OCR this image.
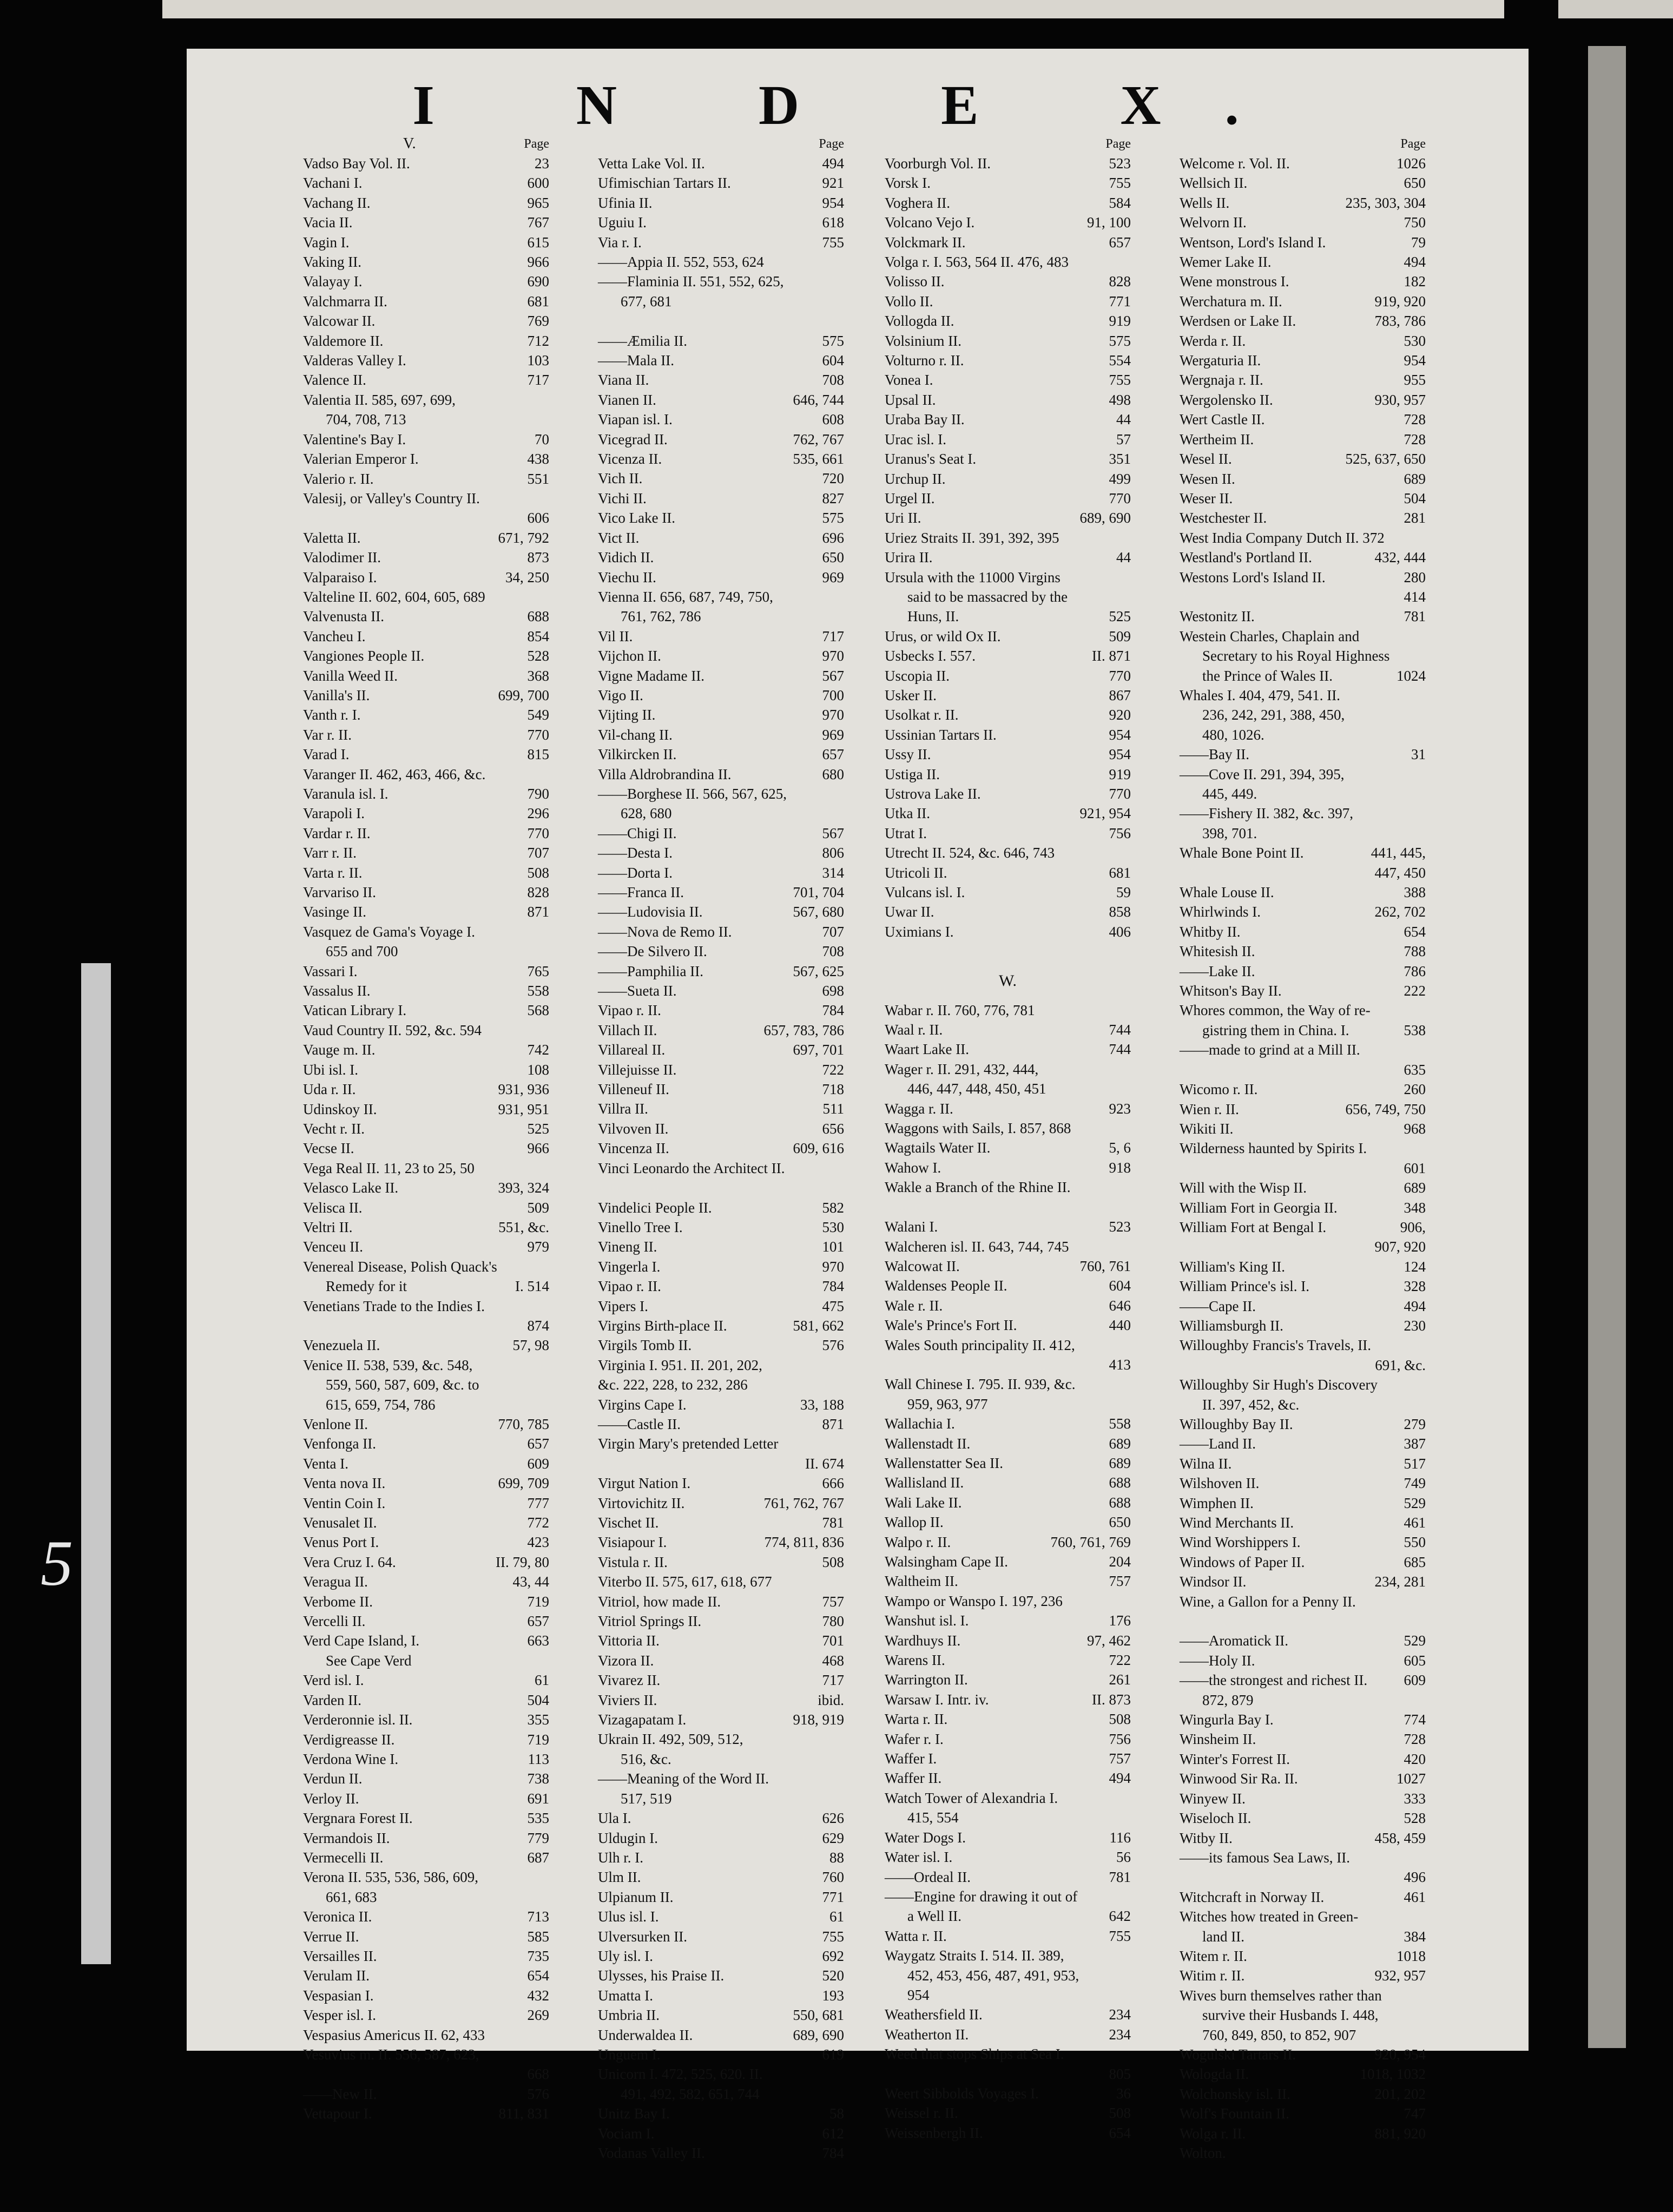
5
I N D E X.
V.	Page
Vadso Bay Vol. II.	23
Vachani I.	600
Vachang II.	965
Vacia II.	767
Vagin I.	615
Vaking II.	966
Valayay I.	690
Valchmarra II.	681
Valcowar II.	769
Valdemore II.	712
Valderas Valley I.	103
Valence II.	717
Valentia II. 585, 697, 699,
704, 708, 713
Valentine's Bay I.	70
Valerian Emperor I.	438
Valerio r. II.	551
Valesij, or Valley's Country II.
606
Valetta II.	671, 792
Valodimer II.	873
Valparaiso I.	34, 250
Valteline II. 602, 604, 605, 689
Valvenusta II.	688
Vancheu I.	854
Vangiones People II.	528
Vanilla Weed II.	368
Vanilla's II.	699, 700
Vanth r. I.	549
Var r. II.	770
Varad I.	815
Varanger II. 462, 463, 466, &c.
Varanula isl. I.	790
Varapoli I.	296
Vardar r. II.	770
Varr r. II.	707
Varta r. II.	508
Varvariso II.	828
Vasinge II.	871
Vasquez de Gama's Voyage I.
655 and 700
Vassari I.	765
Vassalus II.	558
Vatican Library I.	568
Vaud Country II. 592, &c. 594
Vauge m. II.	742
Ubi isl. I.	108
Uda r. II.	931, 936
Udinskoy II.	931, 951
Vecht r. II.	525
Vecse II.	966
Vega Real II. 11, 23 to 25, 50
Velasco Lake II.	393, 324
Velisca II.	509
Veltri II.	551, &c.
Venceu II.	979
Venereal Disease, Polish Quack's
Remedy for it	I. 514
Venetians Trade to the Indies I.
874
Venezuela II.	57, 98
Venice II. 538, 539, &c. 548,
559, 560, 587, 609, &c. to
615, 659, 754, 786
Venlone II.	770, 785
Venfonga II.	657
Venta I.	609
Venta nova II.	699, 709
Ventin Coin I.	777
Venusalet II.	772
Venus Port I.	423
Vera Cruz I. 64.	II. 79, 80
Veragua II.	43, 44
Verbome II.	719
Vercelli II.	657
Verd Cape Island, I.	663
See Cape Verd
Verd isl. I.	61
Varden II.	504
Verderonnie isl. II.	355
Verdigreasse II.	719
Verdona Wine I.	113
Verdun II.	738
Verloy II.	691
Vergnara Forest II.	535
Vermandois II.	779
Vermecelli II.	687
Verona II. 535, 536, 586, 609,
661, 683
Veronica II.	713
Verrue II.	585
Versailles II.	735
Verulam II.	654
Vespasian I.	432
Vesper isl. I.	269
Vespasius Americus II. 62, 433
Vesuvius m. II. 556, 587, 623,
668
——New II.	576
Vettapour I.	811, 831
Page
Vetta Lake Vol. II.	494
Ufimischian Tartars II.	921
Ufinia II.	954
Uguiu I.	618
Via r. I.	755
——Appia II. 552, 553, 624
——Flaminia II. 551, 552, 625,
677, 681
——Æmilia II.	575
——Mala II.	604
Viana II.	708
Vianen II.	646, 744
Viapan isl. I.	608
Vicegrad II.	762, 767
Vicenza II.	535, 661
Vich II.	720
Vichi II.	827
Vico Lake II.	575
Vict II.	696
Vidich II.	650
Viechu II.	969
Vienna II. 656, 687, 749, 750,
761, 762, 786
Vil II.	717
Vijchon II.	970
Vigne Madame II.	567
Vigo II.	700
Vijting II.	970
Vil-chang II.	969
Vilkircken II.	657
Villa Aldrobrandina II.	680
——Borghese II. 566, 567, 625,
628, 680
——Chigi II.	567
——Desta I.	806
——Dorta I.	314
——Franca II.	701, 704
——Ludovisia II.	567, 680
——Nova de Remo II.	707
——De Silvero II.	708
——Pamphilia II.	567, 625
——Sueta II.	698
Vipao r. II.	784
Villach II.	657, 783, 786
Villareal II.	697, 701
Villejuisse II.	722
Villeneuf II.	718
Villra II.	511
Vilvoven II.	656
Vincenza II.	609, 616
Vinci Leonardo the Architect II.
Vindelici People II.	582
Vinello Tree I.	530
Vineng II.	101
Vingerla I.	970
Vipao r. II.	784
Vipers I.	475
Virgins Birth-place II.	581, 662
Virgils Tomb II.	576
Virginia I. 951. II. 201, 202,
&c. 222, 228, to 232, 286
Virgins Cape I.	33, 188
——Castle II.	871
Virgin Mary's pretended Letter
II. 674
Virgut Nation I.	666
Virtovichitz II.	761, 762, 767
Vischet II.	781
Visiapour I.	774, 811, 836
Vistula r. II.	508
Viterbo II. 575, 617, 618, 677
Vitriol, how made II.	757
Vitriol Springs II.	780
Vittoria II.	701
Vizora II.	468
Vivarez II.	717
Viviers II.	ibid.
Vizagapatam I.	918, 919
Ukrain II. 492, 509, 512,
516, &c.
——Meaning of the Word II.
517, 519
Ula I.	626
Uldugin I.	629
Ulh r. I.	88
Ulm II.	760
Ulpianum II.	771
Ulus isl. I.	61
Ulversurken II.	755
Uly isl. I.	692
Ulysses, his Praise II.	520
Umatta I.	193
Umbria II.	550, 681
Underwaldea II.	689, 690
Unguem I.	619
Unicorn I. 472, 525, 620. II.
491, 492, 582, 651, 744
Unitz Bay I.	58
Vociam I.	612
Vodanas Valley II.	784
Page
Voorburgh Vol. II.	523
Vorsk I.	755
Voghera II.	584
Volcano Vejo I.	91, 100
Volckmark II.	657
Volga r. I. 563, 564 II. 476, 483
Volisso II.	828
Vollo II.	771
Vollogda II.	919
Volsinium II.	575
Volturno r. II.	554
Vonea I.	755
Upsal II.	498
Uraba Bay II.	44
Urac isl. I.	57
Uranus's Seat I.	351
Urchup II.	499
Urgel II.	770
Uri II.	689, 690
Uriez Straits II. 391, 392, 395
Urira II.	44
Ursula with the 11000 Virgins
said to be massacred by the
Huns, II.	525
Urus, or wild Ox II.	509
Usbecks I. 557.	II. 871
Uscopia II.	770
Usker II.	867
Usolkat r. II.	920
Ussinian Tartars II.	954
Ussy II.	954
Ustiga II.	919
Ustrova Lake II.	770
Utka II.	921, 954
Utrat I.	756
Utrecht II. 524, &c. 646, 743
Utricoli II.	681
Vulcans isl. I.	59
Uwar II.	858
Uximians I.	406
W.
Wabar r. II. 760, 776, 781
Waal r. II.	744
Waart Lake II.	744
Wager r. II. 291, 432, 444,
446, 447, 448, 450, 451
Wagga r. II.	923
Waggons with Sails, I. 857, 868
Wagtails Water II.	5, 6
Wahow I.	918
Wakle a Branch of the Rhine II.
Walani I.	523
Walcheren isl. II. 643, 744, 745
Walcowat II.	760, 761
Waldenses People II.	604
Wale r. II.	646
Wale's Prince's Fort II.	440
Wales South principality II. 412,
413
Wall Chinese I. 795. II. 939, &c.
959, 963, 977
Wallachia I.	558
Wallenstadt II.	689
Wallenstatter Sea II.	689
Wallisland II.	688
Wali Lake II.	688
Wallop II.	650
Walpo r. II.	760, 761, 769
Walsingham Cape II.	204
Waltheim II.	757
Wampo or Wanspo I. 197, 236
Wanshut isl. I.	176
Wardhuys II.	97, 462
Warens II.	722
Warrington II.	261
Warsaw I. Intr. iv.	II. 873
Warta r. II.	508
Wafer r. I.	756
Waffer I.	757
Waffer II.	494
Watch Tower of Alexandria I.
415, 554
Water Dogs I.	116
Water isl. I.	56
——Ordeal II.	781
——Engine for drawing it out of
a Well II.	642
Watta r. II.	755
Waygatz Straits I. 514. II. 389,
452, 453, 456, 487, 491, 953,
954
Weathersfield II.	234
Weatherton II.	234
Weed that stops Ships at Sea I.
805
Weert Sibbolds Voyages I.	36
Weissel r. II.	508
Weissenbergh II.	654
Page
Welcome r. Vol. II.	1026
Wellsich II.	650
Wells II.	235, 303, 304
Welvorn II.	750
Wentson, Lord's Island I.	79
Wemer Lake II.	494
Wene monstrous I.	182
Werchatura m. II.	919, 920
Werdsen or Lake II.	783, 786
Werda r. II.	530
Wergaturia II.	954
Wergnaja r. II.	955
Wergolensko II.	930, 957
Wert Castle II.	728
Wertheim II.	728
Wesel II.	525, 637, 650
Wesen II.	689
Weser II.	504
Westchester II.	281
West India Company Dutch II. 372
Westland's Portland II.	432, 444
Westons Lord's Island II.	280
414
Westonitz II.	781
Westein Charles, Chaplain and
Secretary to his Royal Highness
the Prince of Wales II.	1024
Whales I. 404, 479, 541. II.
236, 242, 291, 388, 450,
480, 1026.
——Bay II.	31
——Cove II. 291, 394, 395,
445, 449.
——Fishery II. 382, &c. 397,
398, 701.
Whale Bone Point II.	441, 445,
447, 450
Whale Louse II.	388
Whirlwinds I.	262, 702
Whitby II.	654
Whitesish II.	788
——Lake II.	786
Whitson's Bay II.	222
Whores common, the Way of re-
gistring them in China. I.	538
——made to grind at a Mill II.
635
Wicomo r. II.	260
Wien r. II.	656, 749, 750
Wikiti II.	968
Wilderness haunted by Spirits I.
601
Will with the Wisp II.	689
William Fort in Georgia II.	348
William Fort at Bengal I.	906,
907, 920
William's King II.	124
William Prince's isl. I.	328
——Cape II.	494
Williamsburgh II.	230
Willoughby Francis's Travels, II.
691, &c.
Willoughby Sir Hugh's Discovery
II. 397, 452, &c.
Willoughby Bay II.	279
——Land II.	387
Wilna II.	517
Wilshoven II.	749
Wimphen II.	529
Wind Merchants II.	461
Wind Worshippers I.	550
Windows of Paper II.	685
Windsor II.	234, 281
Wine, a Gallon for a Penny II.
——Aromatick II.	529
——Holy II.	605
——the strongest and richest II.	609
872, 879
Wingurla Bay I.	774
Winsheim II.	728
Winter's Forrest II.	420
Winwood Sir Ra. II.	1027
Winyew II.	333
Wiseloch II.	528
Witby II.	458, 459
——its famous Sea Laws, II.
496
Witchcraft in Norway II.	461
Witches how treated in Green-
land II.	384
Witem r. II.	1018
Witim r. II.	932, 957
Wives burn themselves rather than
survive their Husbands I. 448,
760, 849, 850, to 852, 907
Wogulski Tartars II.	920, 954
Wologda II.	1018, 1032
Wolchonsky isl. II.	201, 202
Wolf's Fountain II.	747
Wolga r. II.	881, 920
Wolton.
